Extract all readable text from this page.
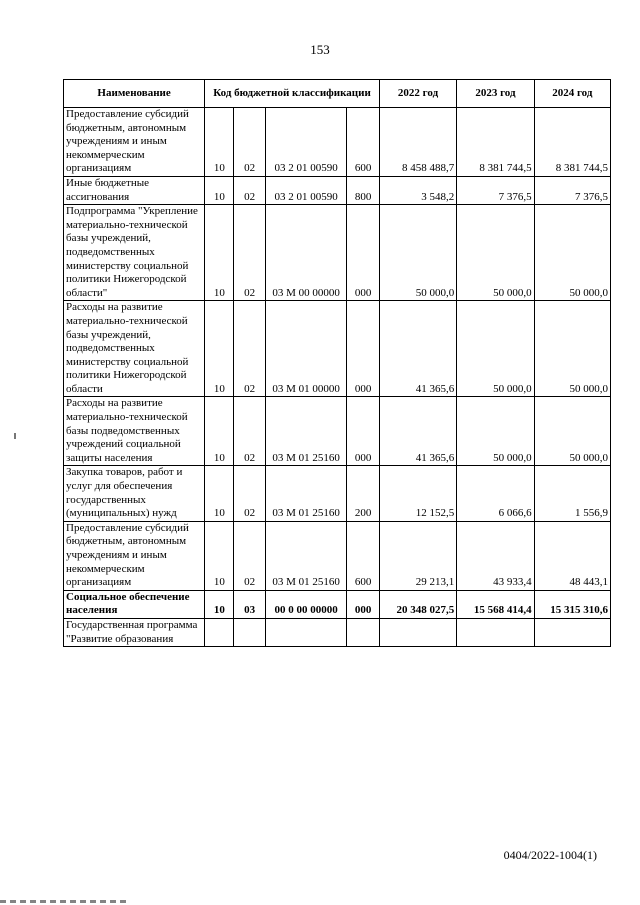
153
Наименование	Код бюджетной классификации				2022 год	2023 год	2024 год
Предоставление субсидий бюджетным, автономным учреждениям и иным некоммерческим организациям	10	02	03 2 01 00590	600	8 458 488,7	8 381 744,5	8 381 744,5
Иные бюджетные ассигнования	10	02	03 2 01 00590	800	3 548,2	7 376,5	7 376,5
Подпрограмма "Укрепление материально-технической базы учреждений, подведомственных министерству социальной политики Нижегородской области"	10	02	03 М 00 00000	000	50 000,0	50 000,0	50 000,0
Расходы на развитие материально-технической базы учреждений, подведомственных министерству социальной политики Нижегородской области	10	02	03 М 01 00000	000	41 365,6	50 000,0	50 000,0
Расходы на развитие материально-технической базы подведомственных учреждений социальной защиты населения	10	02	03 М 01 25160	000	41 365,6	50 000,0	50 000,0
Закупка товаров, работ и услуг для обеспечения государственных (муниципальных) нужд	10	02	03 М 01 25160	200	12 152,5	6 066,6	1 556,9
Предоставление субсидий бюджетным, автономным учреждениям и иным некоммерческим организациям	10	02	03 М 01 25160	600	29 213,1	43 933,4	48 443,1
Социальное обеспечение населения	10	03	00 0 00 00000	000	20 348 027,5	15 568 414,4	15 315 310,6
Государственная программа "Развитие образования							
0404/2022-1004(1)
